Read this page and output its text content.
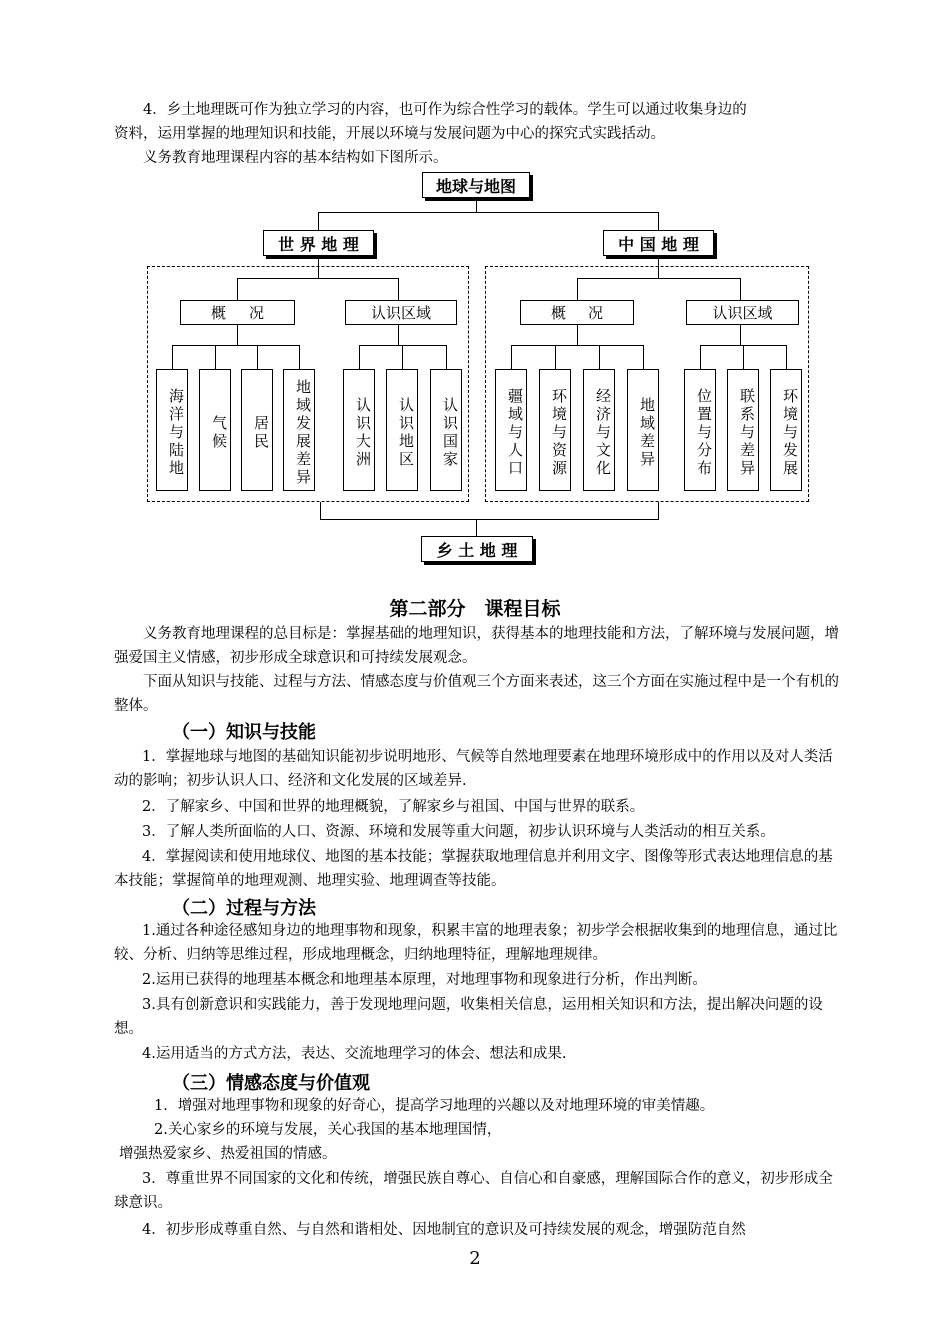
4．乡土地理既可作为独立学习的内容，也可作为综合性学习的载体。学生可以通过收集身边的

资料，运用掌握的地理知识和技能，开展以环境与发展问题为中心的探究式实践括动。

义务教育地理课程内容的基本结构如下图所示。

地球与地图
世 界 地 理	中 国 地 理
概 况	认识区域
海洋与陆地	气候	居民	地域发展差异	认识大洲	认识地区	认识国家
概 况	认识区域
疆域与人口	环境与资源	经济与文化	地域差异	位置与分布	联系与差异	环境与发展
乡 土 地 理
第二部分　课程目标

义务教育地理课程的总目标是：掌握基础的地理知识，获得基本的地理技能和方法，了解环境与发展问题，增强爱国主义情感，初步形成全球意识和可持续发展观念。

下面从知识与技能、过程与方法、情感态度与价值观三个方面来表述，这三个方面在实施过程中是一个有机的整体。

（一）知识与技能

1．掌握地球与地图的基础知识能初步说明地形、气候等自然地理要素在地理环境形成中的作用以及对人类活动的影响；初步认识人口、经济和文化发展的区域差异.

2．了解家乡、中国和世界的地理概貌，了解家乡与祖国、中国与世界的联系。

3．了解人类所面临的人口、资源、环境和发展等重大问题，初步认识环境与人类活动的相互关系。

4．掌握阅读和使用地球仪、地图的基本技能；掌握获取地理信息并利用文字、图像等形式表达地理信息的基本技能；掌握简单的地理观测、地理实验、地理调查等技能。

（二）过程与方法

1.通过各种途径感知身边的地理事物和现象，积累丰富的地理表象；初步学会根据收集到的地理信息，通过比较、分析、归纳等思维过程，形成地理概念，归纳地理特征，理解地理规律。

2.运用已获得的地理基本概念和地理基本原理，对地理事物和现象进行分析，作出判断。

3.具有创新意识和实践能力，善于发现地理问题，收集相关信息，运用相关知识和方法，提出解决问题的设想。

4.运用适当的方式方法，表达、交流地理学习的体会、想法和成果.

（三）情感态度与价值观

1．增强对地理事物和现象的好奇心，提高学习地理的兴趣以及对地理环境的审美情趣。

2.关心家乡的环境与发展，关心我国的基本地理国情，

增强热爱家乡、热爱祖国的情感。

3．尊重世界不同国家的文化和传统，增强民族自尊心、自信心和自豪感，理解国际合作的意义，初步形成全球意识。

4．初步形成尊重自然、与自然和谐相处、因地制宜的意识及可持续发展的观念，增强防范自然

2
